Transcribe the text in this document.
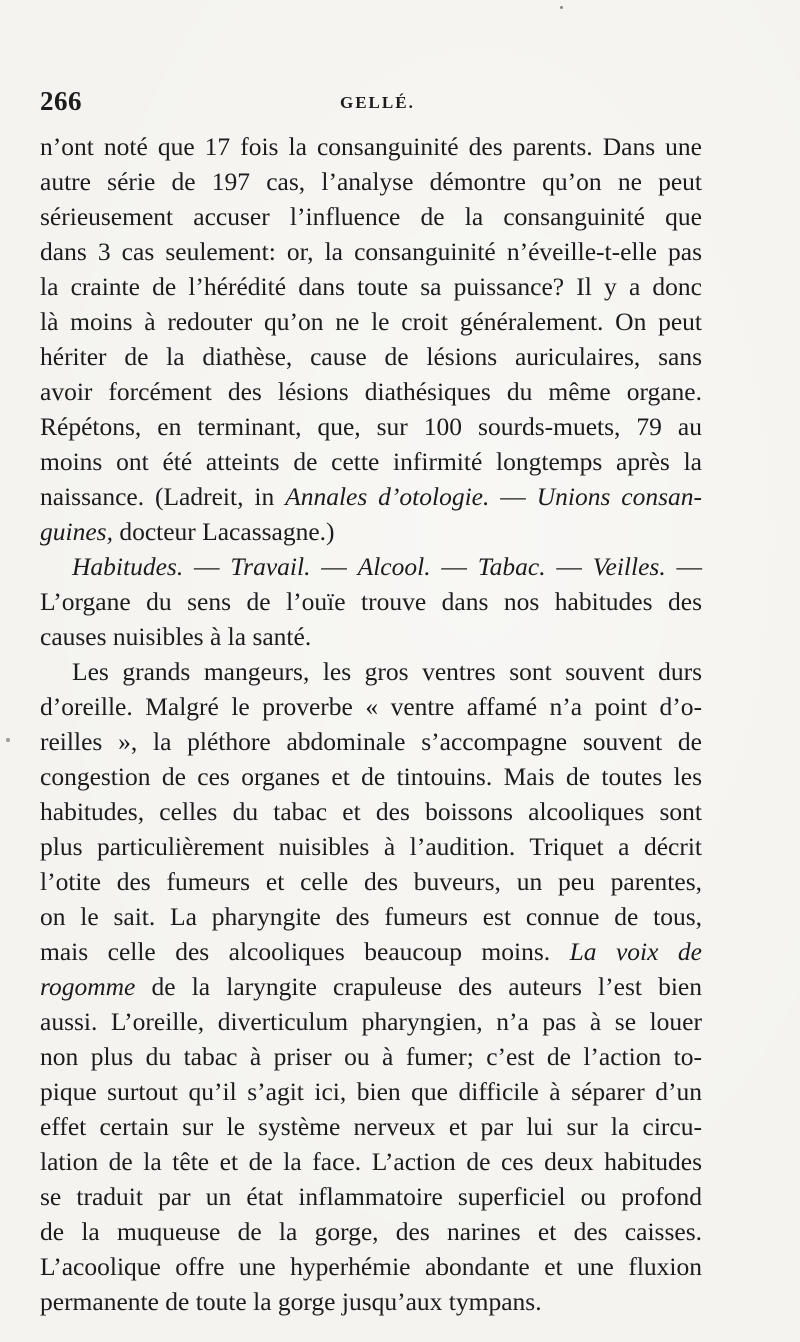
266	GELLÉ.
n’ont noté que 17 fois la consanguinité des parents. Dans une
autre série de 197 cas, l’analyse démontre qu’on ne peut
sérieusement accuser l’influence de la consanguinité que
dans 3 cas seulement: or, la consanguinité n’éveille-t-elle pas
la crainte de l’hérédité dans toute sa puissance? Il y a donc
là moins à redouter qu’on ne le croit généralement. On peut
hériter de la diathèse, cause de lésions auriculaires, sans
avoir forcément des lésions diathésiques du même organe.
Répétons, en terminant, que, sur 100 sourds-muets, 79 au
moins ont été atteints de cette infirmité longtemps après la
naissance. (Ladreit, in Annales d’otologie. — Unions consan-
guines, docteur Lacassagne.)
Habitudes. — Travail. — Alcool. — Tabac. — Veilles. —
L’organe du sens de l’ouïe trouve dans nos habitudes des
causes nuisibles à la santé.
Les grands mangeurs, les gros ventres sont souvent durs
d’oreille. Malgré le proverbe « ventre affamé n’a point d’o-
reilles », la pléthore abdominale s’accompagne souvent de
congestion de ces organes et de tintouins. Mais de toutes les
habitudes, celles du tabac et des boissons alcooliques sont
plus particulièrement nuisibles à l’audition. Triquet a décrit
l’otite des fumeurs et celle des buveurs, un peu parentes,
on le sait. La pharyngite des fumeurs est connue de tous,
mais celle des alcooliques beaucoup moins. La voix de
rogomme de la laryngite crapuleuse des auteurs l’est bien
aussi. L’oreille, diverticulum pharyngien, n’a pas à se louer
non plus du tabac à priser ou à fumer; c’est de l’action to-
pique surtout qu’il s’agit ici, bien que difficile à séparer d’un
effet certain sur le système nerveux et par lui sur la circu-
lation de la tête et de la face. L’action de ces deux habitudes
se traduit par un état inflammatoire superficiel ou profond
de la muqueuse de la gorge, des narines et des caisses.
L’acoolique offre une hyperhémie abondante et une fluxion
permanente de toute la gorge jusqu’aux tympans.
